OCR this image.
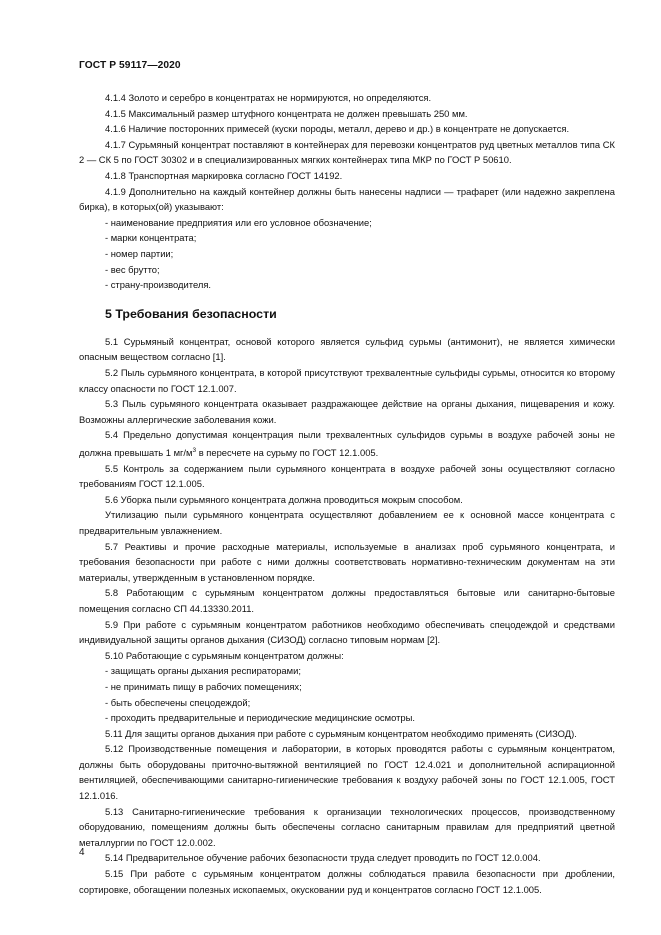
ГОСТ Р 59117—2020

4.1.4 Золото и серебро в концентратах не нормируются, но определяются.

4.1.5 Максимальный размер штуфного концентрата не должен превышать 250 мм.

4.1.6 Наличие посторонних примесей (куски породы, металл, дерево и др.) в концентрате не допускается.

4.1.7 Сурьмяный концентрат поставляют в контейнерах для перевозки концентратов руд цветных металлов типа СК 2 — СК 5 по ГОСТ 30302 и в специализированных мягких контейнерах типа МКР по ГОСТ Р 50610.

4.1.8 Транспортная маркировка согласно ГОСТ 14192.

4.1.9 Дополнительно на каждый контейнер должны быть нанесены надписи — трафарет (или надежно закреплена бирка), в которых(ой) указывают:

- наименование предприятия или его условное обозначение;

- марки концентрата;

- номер партии;

- вес брутто;

- страну-производителя.

5 Требования безопасности

5.1 Сурьмяный концентрат, основой которого является сульфид сурьмы (антимонит), не является химически опасным веществом согласно [1].

5.2 Пыль сурьмяного концентрата, в которой присутствуют трехвалентные сульфиды сурьмы, относится ко второму классу опасности по ГОСТ 12.1.007.

5.3 Пыль сурьмяного концентрата оказывает раздражающее действие на органы дыхания, пищеварения и кожу. Возможны аллергические заболевания кожи.

5.4 Предельно допустимая концентрация пыли трехвалентных сульфидов сурьмы в воздухе рабочей зоны не должна превышать 1 $мг/м^3$ в пересчете на сурьму по ГОСТ 12.1.005.

5.5 Контроль за содержанием пыли сурьмяного концентрата в воздухе рабочей зоны осуществляют согласно требованиям ГОСТ 12.1.005.

5.6 Уборка пыли сурьмяного концентрата должна проводиться мокрым способом.

Утилизацию пыли сурьмяного концентрата осуществляют добавлением ее к основной массе концентрата с предварительным увлажнением.

5.7 Реактивы и прочие расходные материалы, используемые в анализах проб сурьмяного концентрата, и требования безопасности при работе с ними должны соответствовать нормативно-техническим документам на эти материалы, утвержденным в установленном порядке.

5.8 Работающим с сурьмяным концентратом должны предоставляться бытовые или санитарно-бытовые помещения согласно СП 44.13330.2011.

5.9 При работе с сурьмяным концентратом работников необходимо обеспечивать спецодеждой и средствами индивидуальной защиты органов дыхания (СИЗОД) согласно типовым нормам [2].

5.10 Работающие с сурьмяным концентратом должны:

- защищать органы дыхания респираторами;

- не принимать пищу в рабочих помещениях;

- быть обеспечены спецодеждой;

- проходить предварительные и периодические медицинские осмотры.

5.11 Для защиты органов дыхания при работе с сурьмяным концентратом необходимо применять (СИЗОД).

5.12 Производственные помещения и лаборатории, в которых проводятся работы с сурьмяным концентратом, должны быть оборудованы приточно-вытяжной вентиляцией по ГОСТ 12.4.021 и дополнительной аспирационной вентиляцией, обеспечивающими санитарно-гигиенические требования к воздуху рабочей зоны по ГОСТ 12.1.005, ГОСТ 12.1.016.

5.13 Санитарно-гигиенические требования к организации технологических процессов, производственному оборудованию, помещениям должны быть обеспечены согласно санитарным правилам для предприятий цветной металлургии по ГОСТ 12.0.002.

5.14 Предварительное обучение рабочих безопасности труда следует проводить по ГОСТ 12.0.004.

5.15 При работе с сурьмяным концентратом должны соблюдаться правила безопасности при дроблении, сортировке, обогащении полезных ископаемых, окусковании руд и концентратов согласно ГОСТ 12.1.005.

4
